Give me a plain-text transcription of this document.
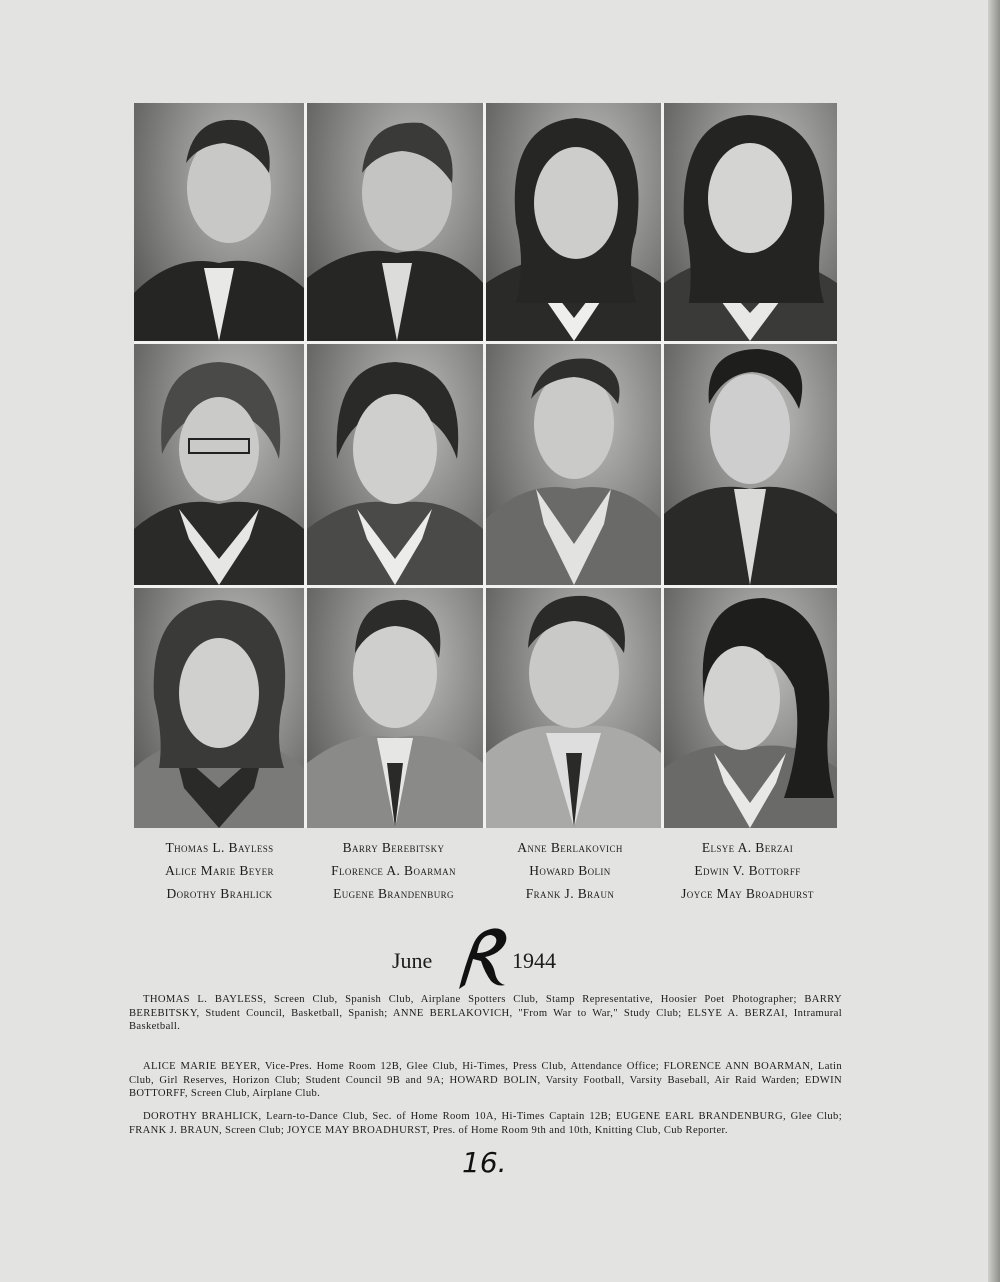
Thomas L. Bayless	Barry Berebitsky	Anne Berlakovich	Elsye A. Berzai
Alice Marie Beyer	Florence A. Boarman	Howard Bolin	Edwin V. Bottorff
Dorothy Brahlick	Eugene Brandenburg	Frank J. Braun	Joyce May Broadhurst
June	1944

THOMAS L. BAYLESS, Screen Club, Spanish Club, Airplane Spotters Club, Stamp Representative, Hoosier Poet Photographer; BARRY BEREBITSKY, Student Council, Basketball, Spanish; ANNE BERLAKOVICH, "From War to War," Study Club; ELSYE A. BERZAI, Intramural Basketball.

ALICE MARIE BEYER, Vice-Pres. Home Room 12B, Glee Club, Hi-Times, Press Club, Attendance Office; FLORENCE ANN BOARMAN, Latin Club, Girl Reserves, Horizon Club; Student Council 9B and 9A; HOWARD BOLIN, Varsity Football, Varsity Baseball, Air Raid Warden; EDWIN BOTTORFF, Screen Club, Airplane Club.

DOROTHY BRAHLICK, Learn-to-Dance Club, Sec. of Home Room 10A, Hi-Times Captain 12B; EUGENE EARL BRANDENBURG, Glee Club; FRANK J. BRAUN, Screen Club; JOYCE MAY BROADHURST, Pres. of Home Room 9th and 10th, Knitting Club, Cub Reporter.

16.
